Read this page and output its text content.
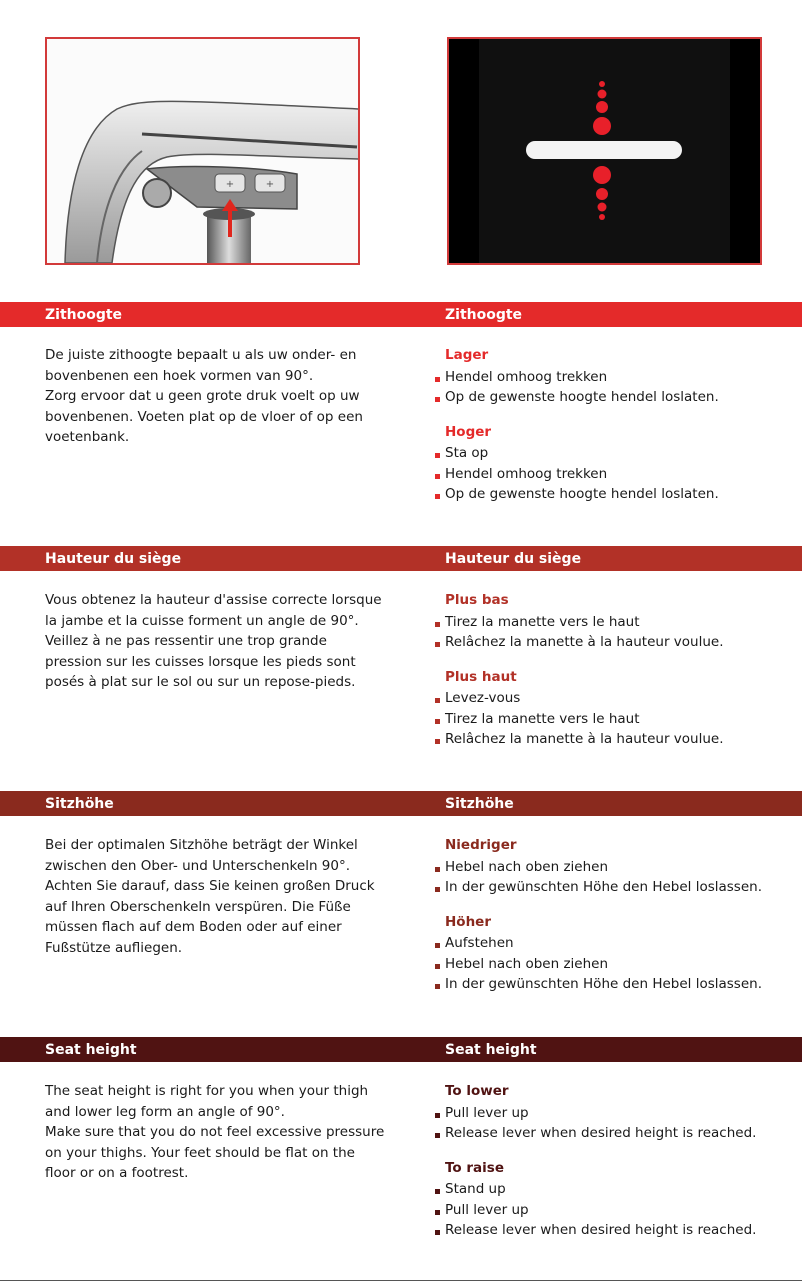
+	+
Zithoogte	Zithoogte

De juiste zithoogte bepaalt u als uw onder- en bovenbenen een hoek vormen van 90°.

Zorg ervoor dat u geen grote druk voelt op uw bovenbenen. Voeten plat op de vloer of op een voetenbank.

Lager
Hendel omhoog trekken
Op de gewenste hoogte hendel loslaten.
Hoger
Sta op
Hendel omhoog trekken
Op de gewenste hoogte hendel loslaten.
Hauteur du siège	Hauteur du siège

Vous obtenez la hauteur d'assise correcte lorsque la jambe et la cuisse forment un angle de 90°.

Veillez à ne pas ressentir une trop grande pression sur les cuisses lorsque les pieds sont posés à plat sur le sol ou sur un repose-pieds.

Plus bas
Tirez la manette vers le haut
Relâchez la manette à la hauteur voulue.
Plus haut
Levez-vous
Tirez la manette vers le haut
Relâchez la manette à la hauteur voulue.
Sitzhöhe	Sitzhöhe

Bei der optimalen Sitzhöhe beträgt der Winkel zwischen den Ober- und Unterschenkeln 90°.

Achten Sie darauf, dass Sie keinen großen Druck auf Ihren Oberschenkeln verspüren. Die Füße müssen flach auf dem Boden oder auf einer Fußstütze aufliegen.

Niedriger
Hebel nach oben ziehen
In der gewünschten Höhe den Hebel loslassen.
Höher
Aufstehen
Hebel nach oben ziehen
In der gewünschten Höhe den Hebel loslassen.
Seat height	Seat height

The seat height is right for you when your thigh and lower leg form an angle of 90°.

Make sure that you do not feel excessive pressure on your thighs. Your feet should be flat on the floor or on a footrest.

To lower
Pull lever up
Release lever when desired height is reached.
To raise
Stand up
Pull lever up
Release lever when desired height is reached.
